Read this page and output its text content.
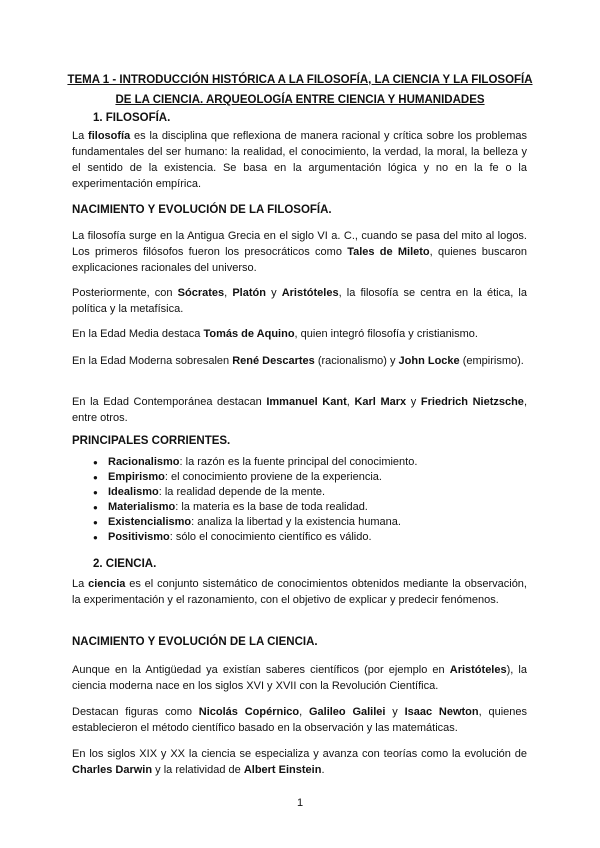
TEMA 1 - INTRODUCCIÓN HISTÓRICA A LA FILOSOFÍA, LA CIENCIA Y LA FILOSOFÍA
DE LA CIENCIA. ARQUEOLOGÍA ENTRE CIENCIA Y HUMANIDADES
1. FILOSOFÍA.
La filosofía es la disciplina que reflexiona de manera racional y crítica sobre los problemas fundamentales del ser humano: la realidad, el conocimiento, la verdad, la moral, la belleza y el sentido de la existencia. Se basa en la argumentación lógica y no en la fe o la experimentación empírica.
NACIMIENTO Y EVOLUCIÓN DE LA FILOSOFÍA.
La filosofía surge en la Antigua Grecia en el siglo VI a. C., cuando se pasa del mito al logos. Los primeros filósofos fueron los presocráticos como Tales de Mileto, quienes buscaron explicaciones racionales del universo.
Posteriormente, con Sócrates, Platón y Aristóteles, la filosofía se centra en la ética, la política y la metafísica.
En la Edad Media destaca Tomás de Aquino, quien integró filosofía y cristianismo.
En la Edad Moderna sobresalen René Descartes (racionalismo) y John Locke (empirismo).
En la Edad Contemporánea destacan Immanuel Kant, Karl Marx y Friedrich Nietzsche, entre otros.
PRINCIPALES CORRIENTES.
● Racionalismo: la razón es la fuente principal del conocimiento.
● Empirismo: el conocimiento proviene de la experiencia.
● Idealismo: la realidad depende de la mente.
● Materialismo: la materia es la base de toda realidad.
● Existencialismo: analiza la libertad y la existencia humana.
● Positivismo: sólo el conocimiento científico es válido.
2. CIENCIA.
La ciencia es el conjunto sistemático de conocimientos obtenidos mediante la observación, la experimentación y el razonamiento, con el objetivo de explicar y predecir fenómenos.
NACIMIENTO Y EVOLUCIÓN DE LA CIENCIA.
Aunque en la Antigüedad ya existían saberes científicos (por ejemplo en Aristóteles), la ciencia moderna nace en los siglos XVI y XVII con la Revolución Científica.
Destacan figuras como Nicolás Copérnico, Galileo Galilei y Isaac Newton, quienes establecieron el método científico basado en la observación y las matemáticas.
En los siglos XIX y XX la ciencia se especializa y avanza con teorías como la evolución de Charles Darwin y la relatividad de Albert Einstein.
1
